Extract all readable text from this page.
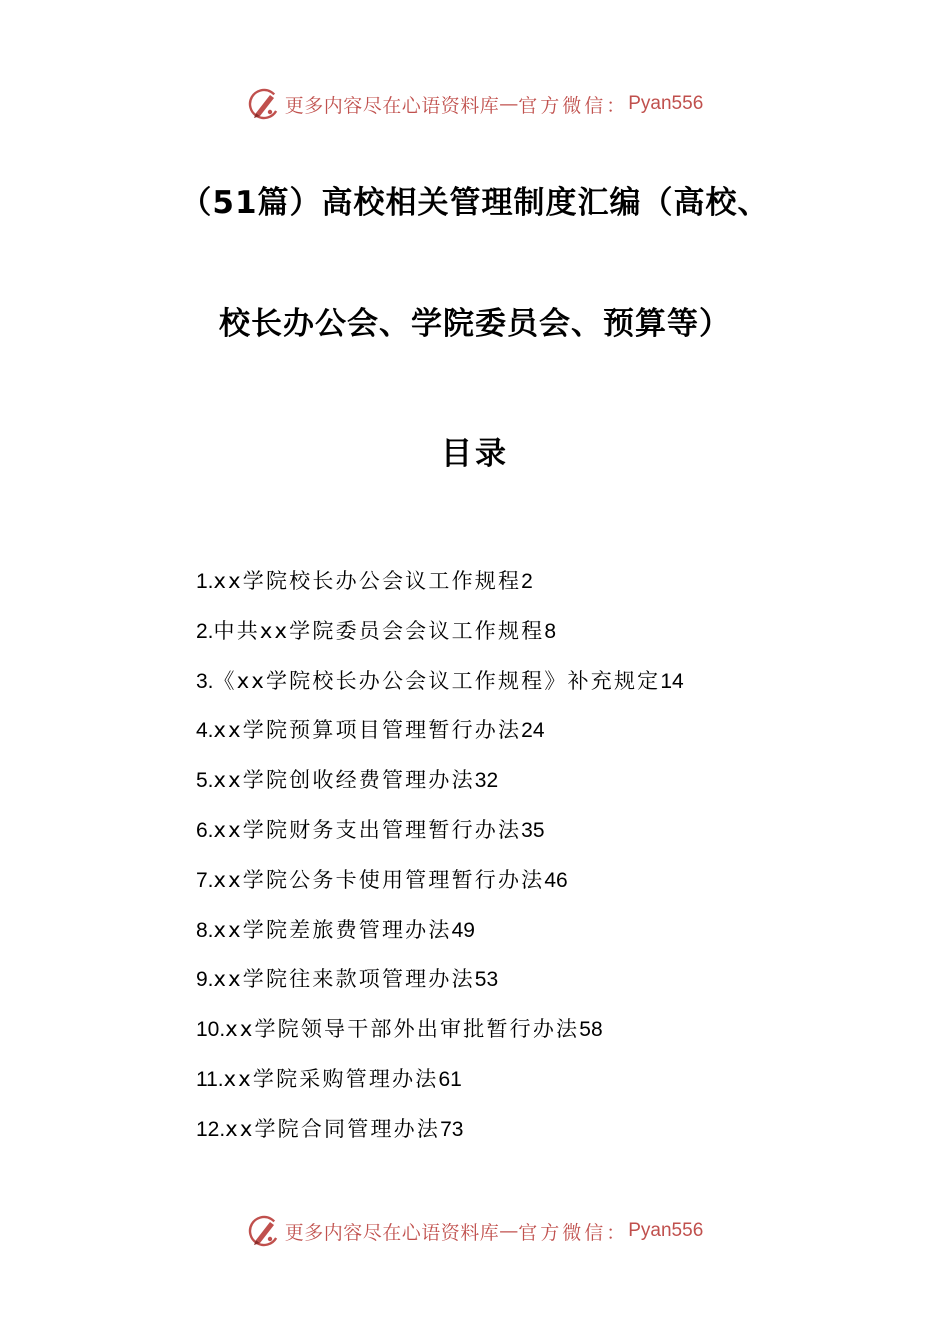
更多内容尽在心语资料库 — 官方微信： Pyan556
（51篇）高校相关管理制度汇编（高校、
校长办公会、学院委员会、预算等）
目录
1.xx学院校长办公会议工作规程2
2.中共xx学院委员会会议工作规程8
3.《xx学院校长办公会议工作规程》补充规定14
4.xx学院预算项目管理暂行办法24
5.xx学院创收经费管理办法32
6.xx学院财务支出管理暂行办法35
7.xx学院公务卡使用管理暂行办法46
8.xx学院差旅费管理办法49
9.xx学院往来款项管理办法53
10.xx学院领导干部外出审批暂行办法58
11.xx学院采购管理办法61
12.xx学院合同管理办法73
更多内容尽在心语资料库 — 官方微信： Pyan556
